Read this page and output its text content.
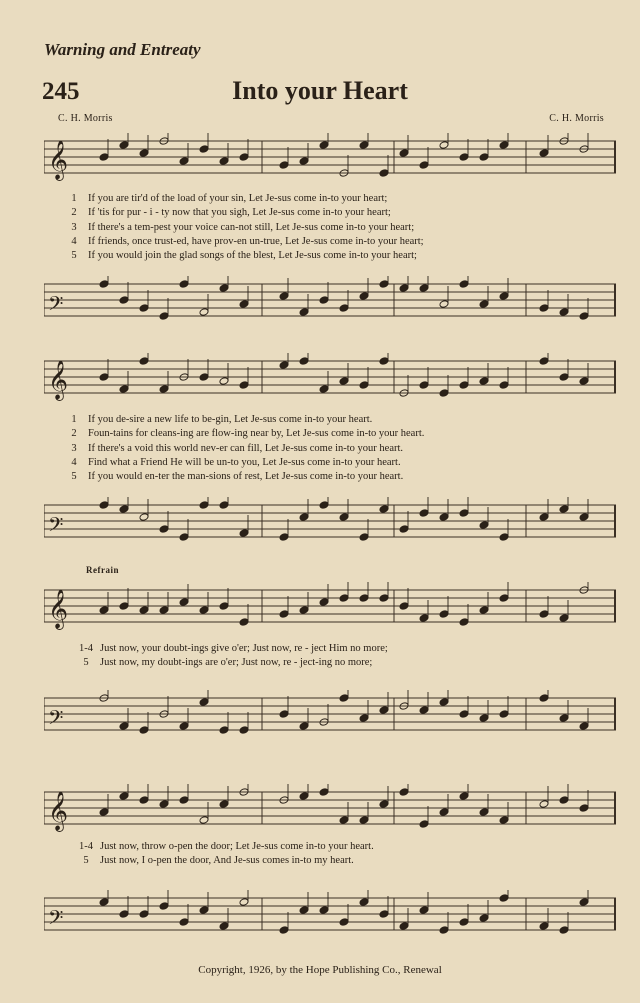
Warning and Entreaty
245	Into your Heart
C. H. Morris	C. H. Morris
𝄞
1	If you are tir'd of the load of your sin, Let Je-sus come in-to your heart;
2	If 'tis for pur - i - ty now that you sigh, Let Je-sus come in-to your heart;
3	If there's a tem-pest your voice can-not still, Let Je-sus come in-to your heart;
4	If friends, once trust-ed, have prov-en un-true, Let Je-sus come in-to your heart;
5	If you would join the glad songs of the blest, Let Je-sus come in-to your heart;
𝄢
𝄞
1	If you de-sire a new life to be-gin, Let Je-sus come in-to your heart.
2	Foun-tains for cleans-ing are flow-ing near by, Let Je-sus come in-to your heart.
3	If there's a void this world nev-er can fill, Let Je-sus come in-to your heart.
4	Find what a Friend He will be un-to you, Let Je-sus come in-to your heart.
5	If you would en-ter the man-sions of rest, Let Je-sus come in-to your heart.
𝄢
Refrain
𝄞
1-4 Just now, your doubt-ings give o'er; Just now, re - ject Him no more;
5	Just now, my doubt-ings are o'er; Just now, re - ject-ing no more;
𝄢
𝄞
1-4 Just now, throw o-pen the door; Let Je-sus come in-to your heart.
5	Just now, I o-pen the door, And Je-sus comes in-to my heart.
𝄢
Copyright, 1926, by the Hope Publishing Co., Renewal
